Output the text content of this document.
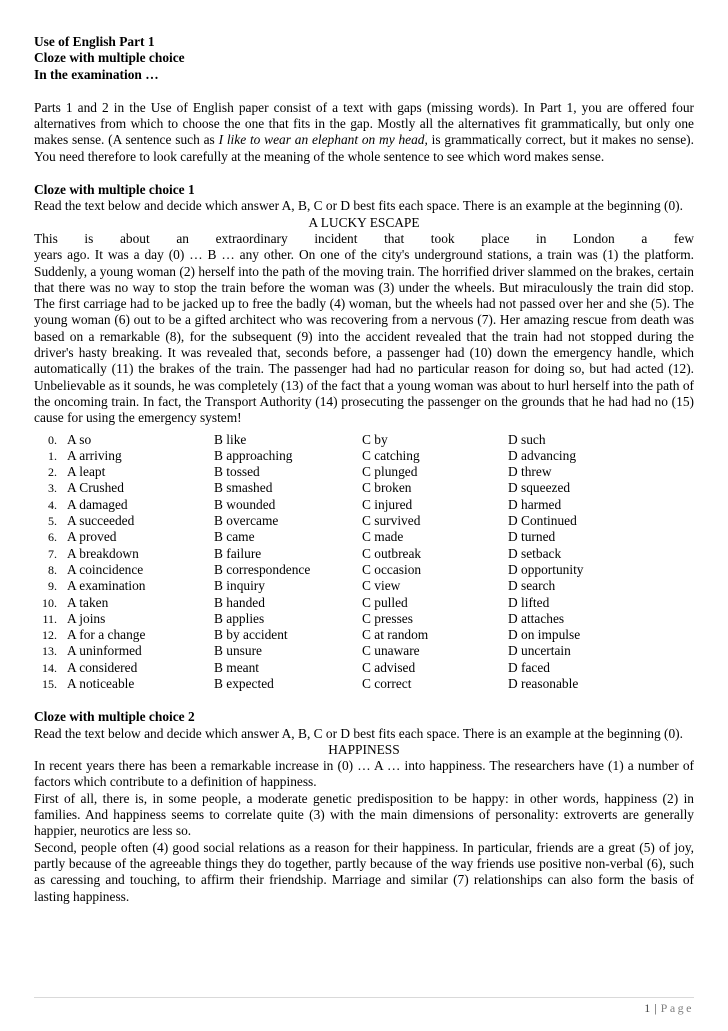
Use of English Part 1
Cloze with multiple choice
In the examination …

Parts 1 and 2 in the Use of English paper consist of a text with gaps (missing words). In Part 1, you are offered four alternatives from which to choose the one that fits in the gap. Mostly all the alternatives fit grammatically, but only one makes sense. (A sentence such as I like to wear an elephant on my head, is grammatically correct, but it makes no sense). You need therefore to look carefully at the meaning of the whole sentence to see which word makes sense.

Cloze with multiple choice 1

Read the text below and decide which answer A, B, C or D best fits each space. There is an example at the beginning (0).

A LUCKY ESCAPE
This is about an extraordinary incident that took place in London a few

years ago. It was a day (0) … B … any other. On one of the city's underground stations, a train was (1) the platform. Suddenly, a young woman (2) herself into the path of the moving train. The horrified driver slammed on the brakes, certain that there was no way to stop the train before the woman was (3) under the wheels. But miraculously the train did stop. The first carriage had to be jacked up to free the badly (4) woman, but the wheels had not passed over her and she (5). The young woman (6) out to be a gifted architect who was recovering from a nervous (7). Her amazing rescue from death was based on a remarkable (8), for the subsequent (9) into the accident revealed that the train had not stopped during the driver's hasty breaking. It was revealed that, seconds before, a passenger had (10) down the emergency handle, which automatically (11) the brakes of the train. The passenger had had no particular reason for doing so, but had acted (12). Unbelievable as it sounds, he was completely (13) of the fact that a young woman was about to hurl herself into the path of the oncoming train. In fact, the Transport Authority (14) prosecuting the passenger on the grounds that he had had no (15) cause for using the emergency system!

0. A so	B like	C by	D such
1. A arriving	B approaching	C catching	D advancing
2. A leapt	B tossed	C plunged	D threw
3. A Crushed	B smashed	C broken	D squeezed
4. A damaged	B wounded	C injured	D harmed
5. A succeeded	B overcame	C survived	D Continued
6. A proved	B came	C made	D turned
7. A breakdown	B failure	C outbreak	D setback
8. A coincidence	B correspondence	C occasion	D opportunity
9. A examination	B inquiry	C view	D search
10. A taken	B handed	C pulled	D lifted
11. A joins	B applies	C presses	D attaches
12. A for a change	B by accident	C at random	D on impulse
13. A uninformed	B unsure	C unaware	D uncertain
14. A considered	B meant	C advised	D faced
15. A noticeable	B expected	C correct	D reasonable
Cloze with multiple choice 2

Read the text below and decide which answer A, B, C or D best fits each space. There is an example at the beginning (0).

HAPPINESS

In recent years there has been a remarkable increase in (0) … A … into happiness. The researchers have (1) a number of factors which contribute to a definition of happiness.

First of all, there is, in some people, a moderate genetic predisposition to be happy: in other words, happiness (2) in families. And happiness seems to correlate quite (3) with the main dimensions of personality: extroverts are generally happier, neurotics are less so.

Second, people often (4) good social relations as a reason for their happiness. In particular, friends are a great (5) of joy, partly because of the agreeable things they do together, partly because of the way friends use positive non-verbal (6), such as caressing and touching, to affirm their friendship. Marriage and similar (7) relationships can also form the basis of lasting happiness.

1 | Page
